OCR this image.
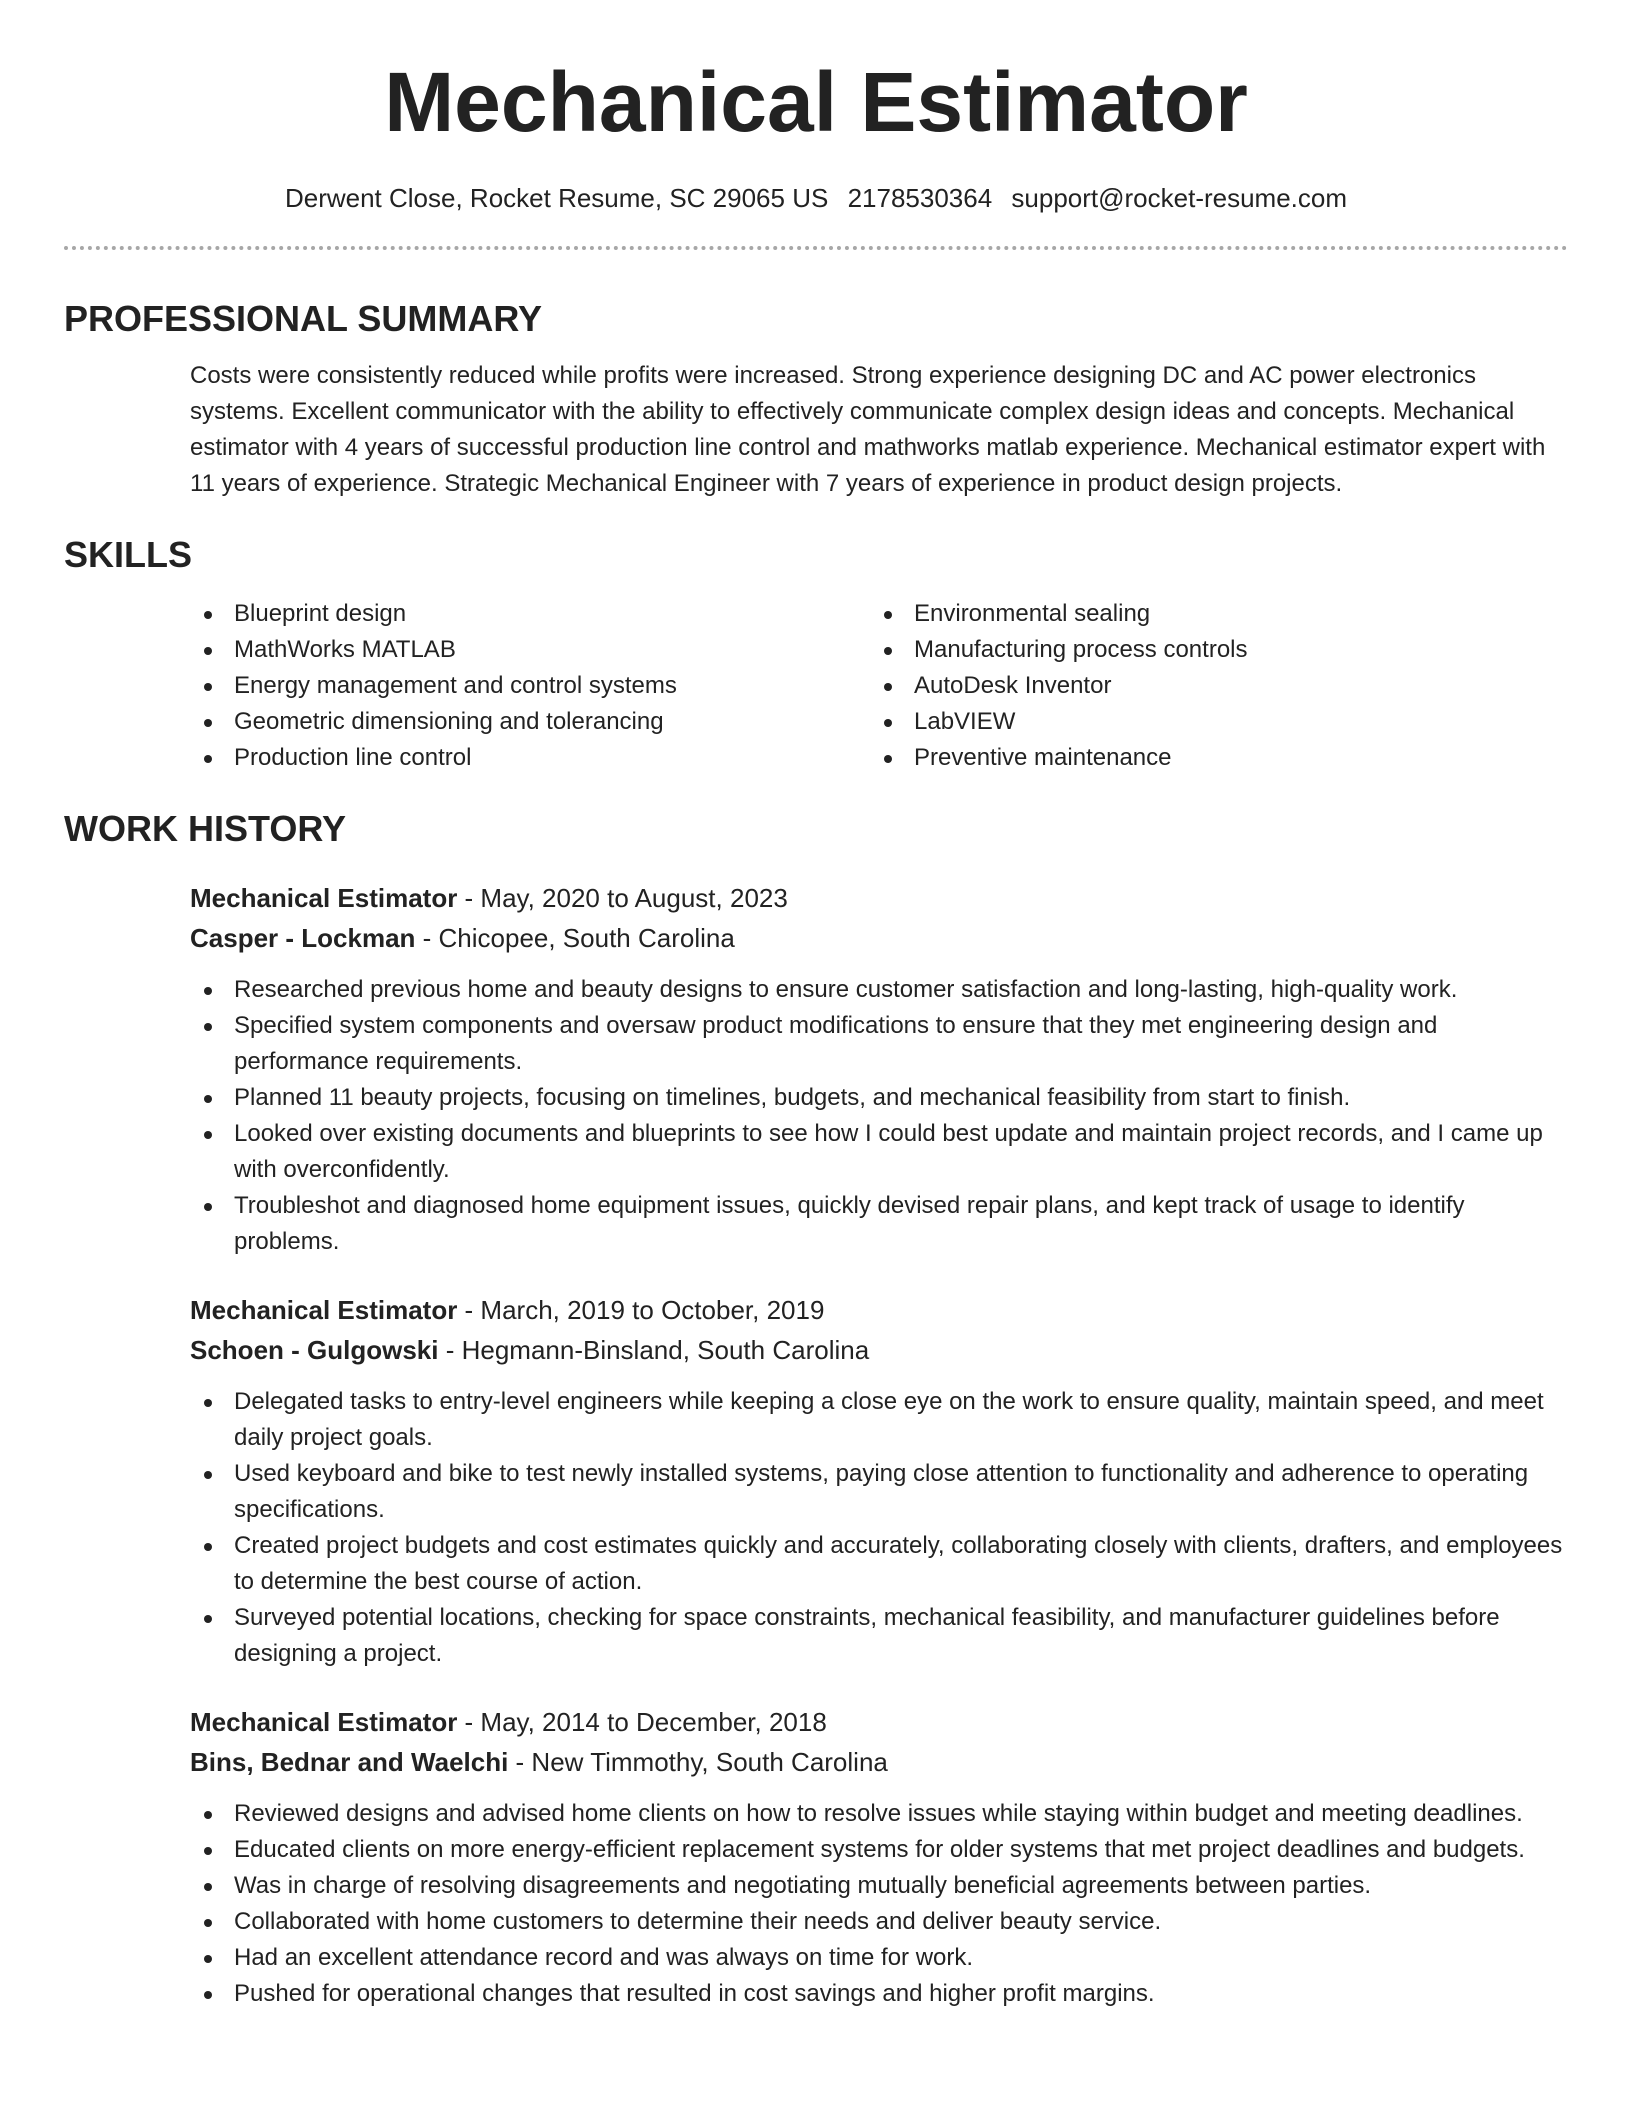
Mechanical Estimator
Derwent Close, Rocket Resume, SC 29065 US 2178530364 support@rocket-resume.com
PROFESSIONAL SUMMARY
Costs were consistently reduced while profits were increased. Strong experience designing DC and AC power electronics systems. Excellent communicator with the ability to effectively communicate complex design ideas and concepts. Mechanical estimator with 4 years of successful production line control and mathworks matlab experience. Mechanical estimator expert with 11 years of experience. Strategic Mechanical Engineer with 7 years of experience in product design projects.
SKILLS
Blueprint design
MathWorks MATLAB
Energy management and control systems
Geometric dimensioning and tolerancing
Production line control
Environmental sealing
Manufacturing process controls
AutoDesk Inventor
LabVIEW
Preventive maintenance
WORK HISTORY
Mechanical Estimator - May, 2020 to August, 2023
Casper - Lockman - Chicopee, South Carolina
Researched previous home and beauty designs to ensure customer satisfaction and long-lasting, high-quality work.
Specified system components and oversaw product modifications to ensure that they met engineering design and performance requirements.
Planned 11 beauty projects, focusing on timelines, budgets, and mechanical feasibility from start to finish.
Looked over existing documents and blueprints to see how I could best update and maintain project records, and I came up with overconfidently.
Troubleshot and diagnosed home equipment issues, quickly devised repair plans, and kept track of usage to identify problems.
Mechanical Estimator - March, 2019 to October, 2019
Schoen - Gulgowski - Hegmann-Binsland, South Carolina
Delegated tasks to entry-level engineers while keeping a close eye on the work to ensure quality, maintain speed, and meet daily project goals.
Used keyboard and bike to test newly installed systems, paying close attention to functionality and adherence to operating specifications.
Created project budgets and cost estimates quickly and accurately, collaborating closely with clients, drafters, and employees to determine the best course of action.
Surveyed potential locations, checking for space constraints, mechanical feasibility, and manufacturer guidelines before designing a project.
Mechanical Estimator - May, 2014 to December, 2018
Bins, Bednar and Waelchi - New Timmothy, South Carolina
Reviewed designs and advised home clients on how to resolve issues while staying within budget and meeting deadlines.
Educated clients on more energy-efficient replacement systems for older systems that met project deadlines and budgets.
Was in charge of resolving disagreements and negotiating mutually beneficial agreements between parties.
Collaborated with home customers to determine their needs and deliver beauty service.
Had an excellent attendance record and was always on time for work.
Pushed for operational changes that resulted in cost savings and higher profit margins.
